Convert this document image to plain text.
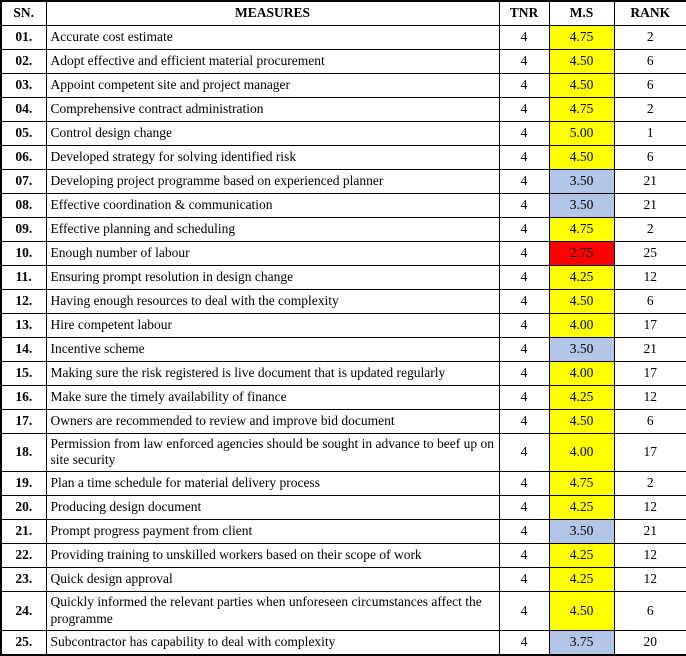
SN.	MEASURES	TNR	M.S	RANK
01.	Accurate cost estimate	4	4.75	2
02.	Adopt effective and efficient material procurement	4	4.50	6
03.	Appoint competent site and project manager	4	4.50	6
04.	Comprehensive contract administration	4	4.75	2
05.	Control design change	4	5.00	1
06.	Developed strategy for solving identified risk	4	4.50	6
07.	Developing project programme based on experienced planner	4	3.50	21
08.	Effective coordination & communication	4	3.50	21
09.	Effective planning and scheduling	4	4.75	2
10.	Enough number of labour	4	2.75	25
11.	Ensuring prompt resolution in design change	4	4.25	12
12.	Having enough resources to deal with the complexity	4	4.50	6
13.	Hire competent labour	4	4.00	17
14.	Incentive scheme	4	3.50	21
15.	Making sure the risk registered is live document that is updated regularly	4	4.00	17
16.	Make sure the timely availability of finance	4	4.25	12
17.	Owners are recommended to review and improve bid document	4	4.50	6
18.	Permission from law enforced agencies should be sought in advance to beef up on site security	4	4.00	17
19.	Plan a time schedule for material delivery process	4	4.75	2
20.	Producing design document	4	4.25	12
21.	Prompt progress payment from client	4	3.50	21
22.	Providing training to unskilled workers based on their scope of work	4	4.25	12
23.	Quick design approval	4	4.25	12
24.	Quickly informed the relevant parties when unforeseen circumstances affect the programme	4	4.50	6
25.	Subcontractor has capability to deal with complexity	4	3.75	20
